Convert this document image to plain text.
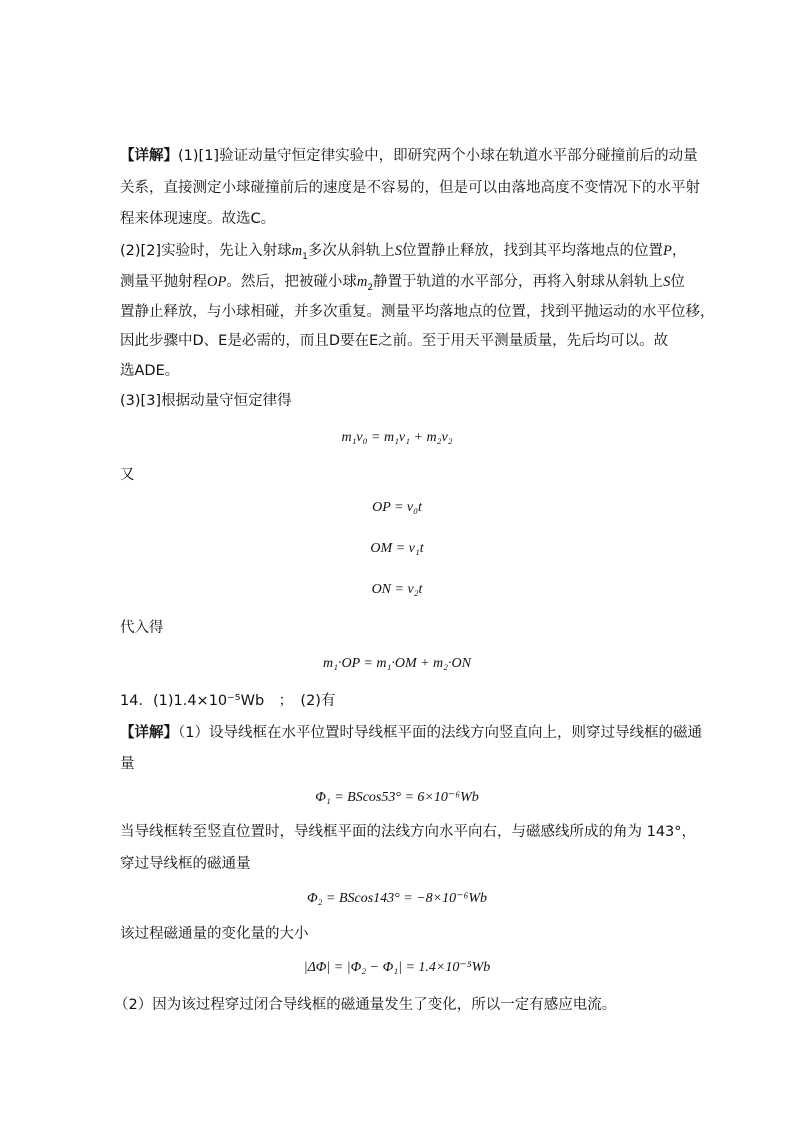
【详解】(1)[1]验证动量守恒定律实验中，即研究两个小球在轨道水平部分碰撞前后的动量
关系，直接测定小球碰撞前后的速度是不容易的，但是可以由落地高度不变情况下的水平射
程来体现速度。故选C。
(2)[2]实验时，先让入射球$m_1$多次从斜轨上S位置静止释放，找到其平均落地点的位置P，
测量平抛射程OP。然后，把被碰小球$m_2$静置于轨道的水平部分，再将入射球从斜轨上S位
置静止释放，与小球相碰，并多次重复。测量平均落地点的位置，找到平抛运动的水平位移，
因此步骤中D、E是必需的，而且D要在E之前。至于用天平测量质量，先后均可以。故
选ADE。
(3)[3]根据动量守恒定律得
m₁v₀ = m₁v₁ + m₂v₂
又
OP = v₀t
OM = v₁t
ON = v₂t
代入得
m₁·OP = m₁·OM + m₂·ON
14．(1)1.4×10⁻⁵Wb　；　(2)有
【详解】（1）设导线框在水平位置时导线框平面的法线方向竖直向上，则穿过导线框的磁通
量
Φ₁ = BScos53° = 6×10⁻⁶Wb
当导线框转至竖直位置时，导线框平面的法线方向水平向右，与磁感线所成的角为 143°，
穿过导线框的磁通量
Φ₂ = BScos143° = −8×10⁻⁶Wb
该过程磁通量的变化量的大小
|ΔΦ| = |Φ₂ − Φ₁| = 1.4×10⁻⁵Wb
（2）因为该过程穿过闭合导线框的磁通量发生了变化，所以一定有感应电流。
